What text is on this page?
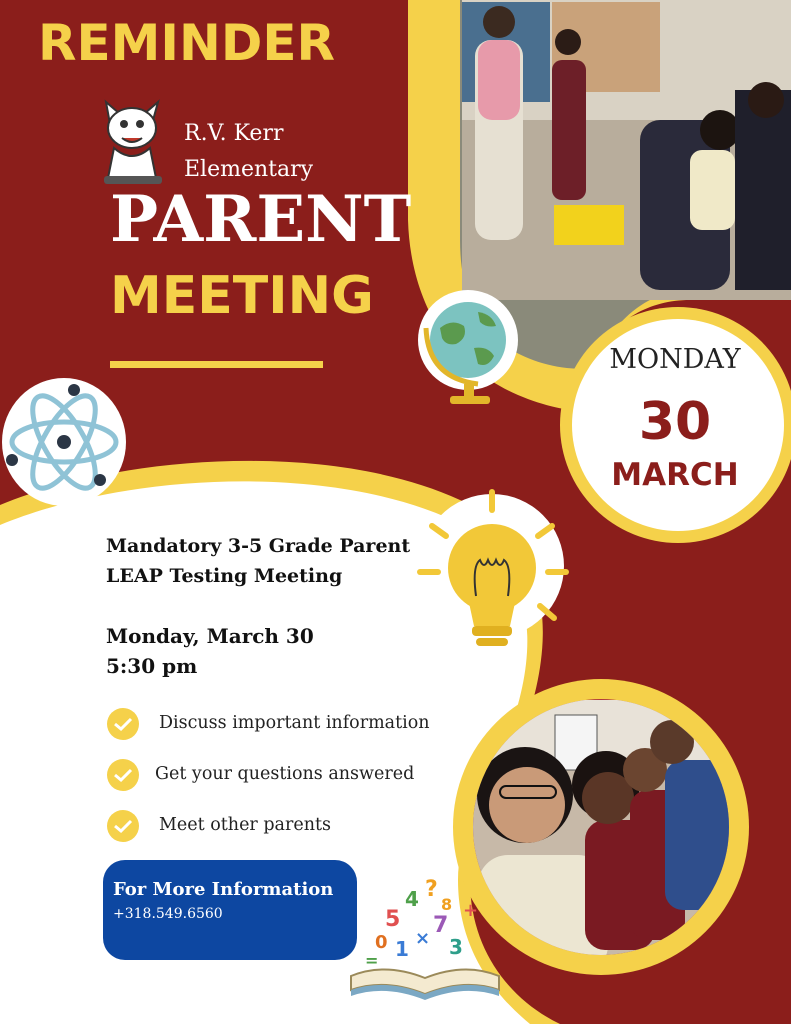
REMINDER
R.V. Kerr
Elementary
PARENT
MEETING
MONDAY
30
MARCH
Mandatory 3-5 Grade Parent
LEAP Testing Meeting
Monday, March 30
5:30 pm
Discuss important information
Get your questions answered
Meet other parents
For More Information
+318.549.6560	5
4 ?
1
7
0	3
+
×
=
8
